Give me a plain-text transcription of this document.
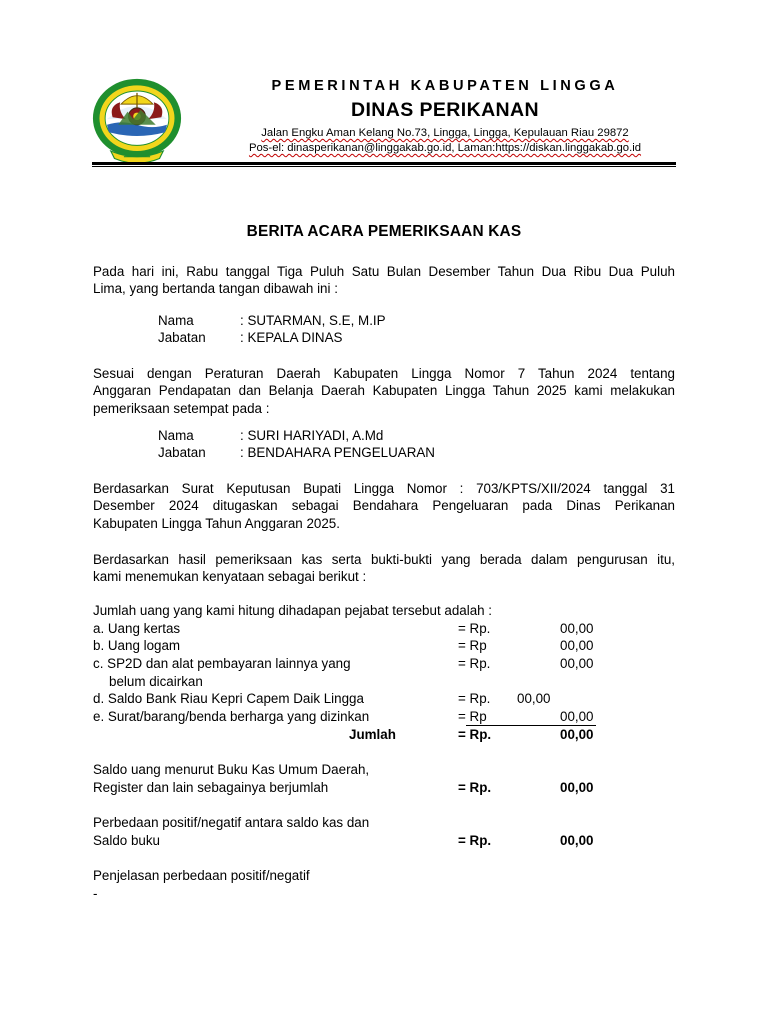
PEMERINTAH KABUPATEN LINGGA
DINAS PERIKANAN
Jalan Engku Aman Kelang No.73, Lingga, Lingga, Kepulauan Riau 29872
Pos-el: dinasperikanan@linggakab.go.id, Laman:https://diskan.linggakab.go.id
BERITA ACARA PEMERIKSAAN KAS
Pada hari ini, Rabu tanggal Tiga Puluh Satu Bulan Desember Tahun Dua Ribu Dua Puluh
Lima, yang bertanda tangan dibawah ini :
Nama	: SUTARMAN, S.E, M.IP
Jabatan	: KEPALA DINAS
Sesuai dengan Peraturan Daerah Kabupaten Lingga Nomor 7 Tahun 2024 tentang
Anggaran Pendapatan dan Belanja Daerah Kabupaten Lingga Tahun 2025 kami melakukan
pemeriksaan setempat pada :
Nama	: SURI HARIYADI, A.Md
Jabatan	: BENDAHARA PENGELUARAN
Berdasarkan Surat Keputusan Bupati Lingga Nomor : 703/KPTS/XII/2024 tanggal 31
Desember 2024 ditugaskan sebagai Bendahara Pengeluaran pada Dinas Perikanan
Kabupaten Lingga Tahun Anggaran 2025.
Berdasarkan hasil pemeriksaan kas serta bukti-bukti yang berada dalam pengurusan itu,
kami menemukan kenyataan sebagai berikut :
Jumlah uang yang kami hitung dihadapan pejabat tersebut adalah :
a. Uang kertas	= Rp.	00,00
b. Uang logam	= Rp	00,00
c. SP2D dan alat pembayaran lainnya yang	= Rp.	00,00
belum dicairkan
d. Saldo Bank Riau Kepri Capem Daik Lingga	= Rp. 00,00
e. Surat/barang/benda berharga yang dizinkan	= Rp	00,00
Jumlah	= Rp.	00,00
Saldo uang menurut Buku Kas Umum Daerah,
Register dan lain sebagainya berjumlah	= Rp.	00,00
Perbedaan positif/negatif antara saldo kas dan
Saldo buku	= Rp.	00,00
Penjelasan perbedaan positif/negatif
-
